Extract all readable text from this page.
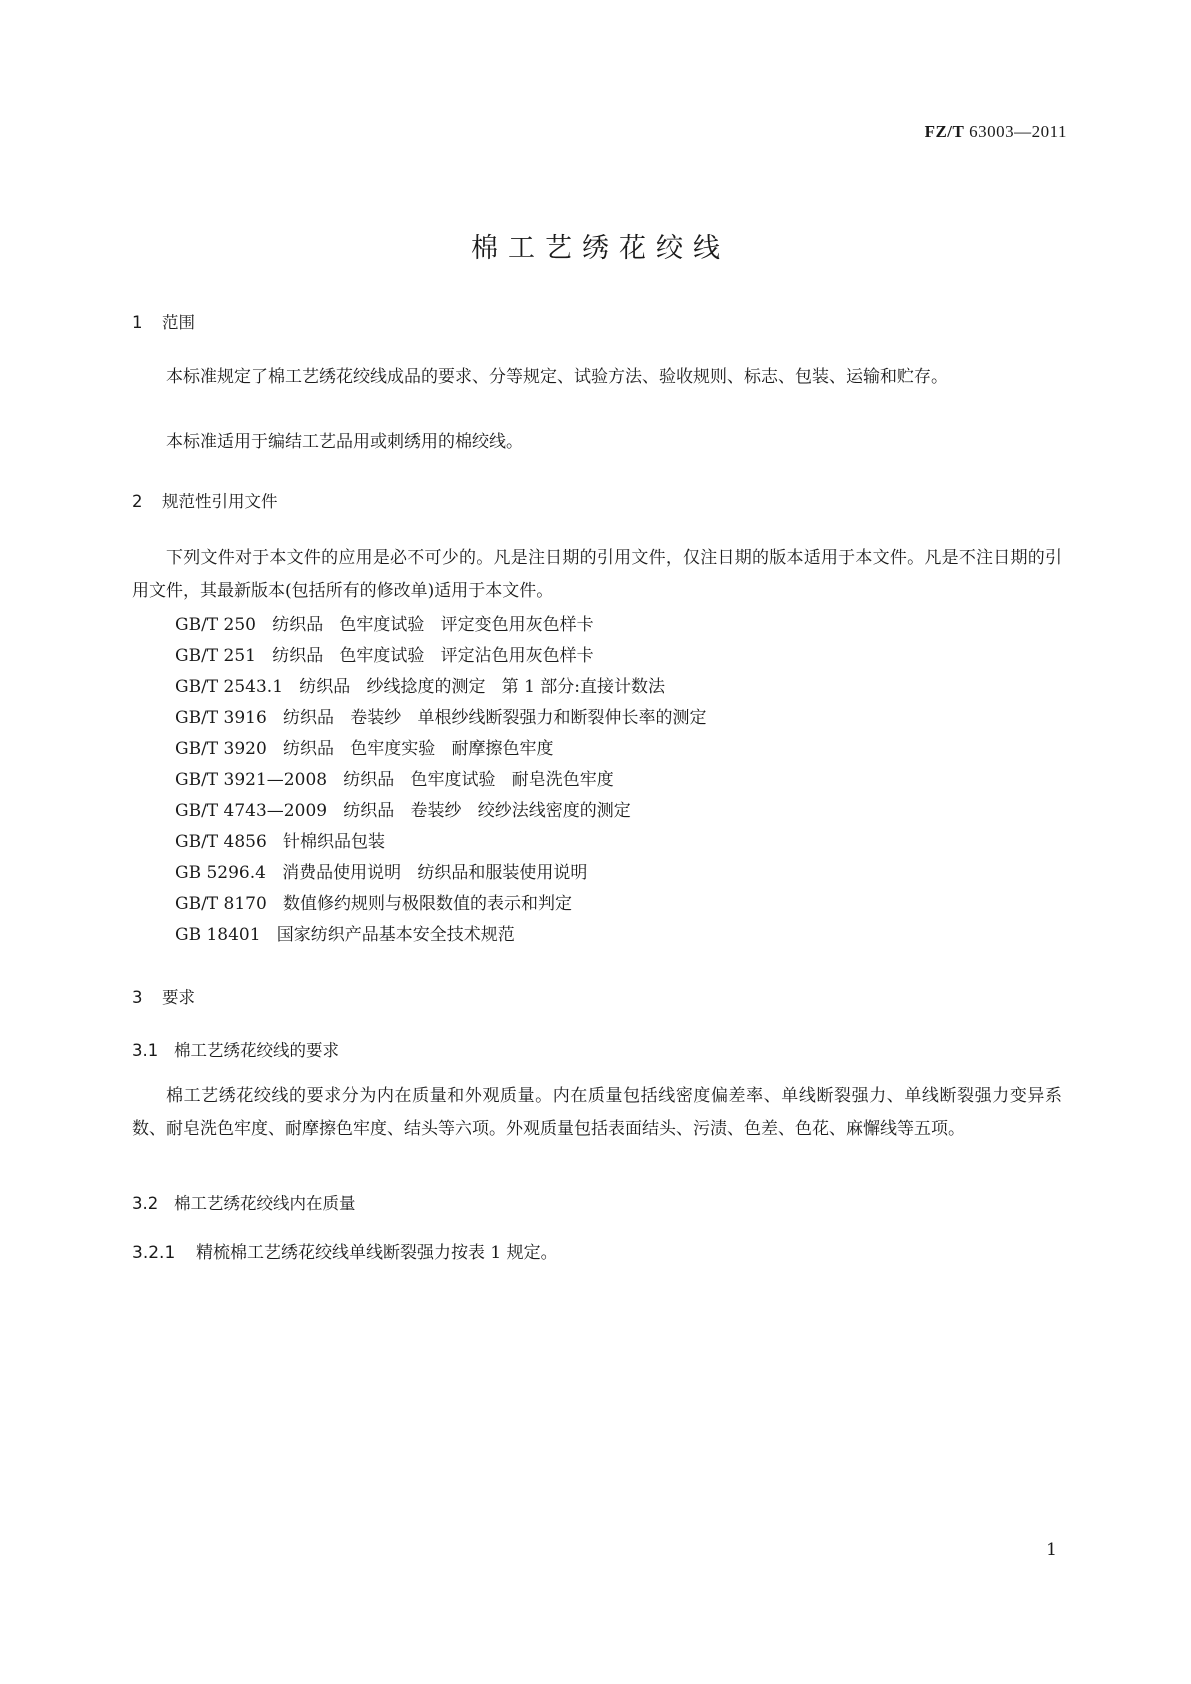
FZ/T 63003—2011
棉工艺绣花绞线
1 范围
本标准规定了棉工艺绣花绞线成品的要求、分等规定、试验方法、验收规则、标志、包装、运输和贮存。
本标准适用于编结工艺品用或刺绣用的棉绞线。
2 规范性引用文件
下列文件对于本文件的应用是必不可少的。凡是注日期的引用文件，仅注日期的版本适用于本文件。凡是不注日期的引用文件，其最新版本(包括所有的修改单)适用于本文件。
GB/T 250   纺织品   色牢度试验   评定变色用灰色样卡
GB/T 251   纺织品   色牢度试验   评定沾色用灰色样卡
GB/T 2543.1   纺织品   纱线捻度的测定   第 1 部分:直接计数法
GB/T 3916   纺织品   卷装纱   单根纱线断裂强力和断裂伸长率的测定
GB/T 3920   纺织品   色牢度实验   耐摩擦色牢度
GB/T 3921—2008   纺织品   色牢度试验   耐皂洗色牢度
GB/T 4743—2009   纺织品   卷装纱   绞纱法线密度的测定
GB/T 4856   针棉织品包装
GB 5296.4   消费品使用说明   纺织品和服装使用说明
GB/T 8170   数值修约规则与极限数值的表示和判定
GB 18401   国家纺织产品基本安全技术规范
3 要求
3.1 棉工艺绣花绞线的要求
棉工艺绣花绞线的要求分为内在质量和外观质量。内在质量包括线密度偏差率、单线断裂强力、单线断裂强力变异系数、耐皂洗色牢度、耐摩擦色牢度、结头等六项。外观质量包括表面结头、污渍、色差、色花、麻懈线等五项。
3.2 棉工艺绣花绞线内在质量
3.2.1 精梳棉工艺绣花绞线单线断裂强力按表 1 规定。
1
